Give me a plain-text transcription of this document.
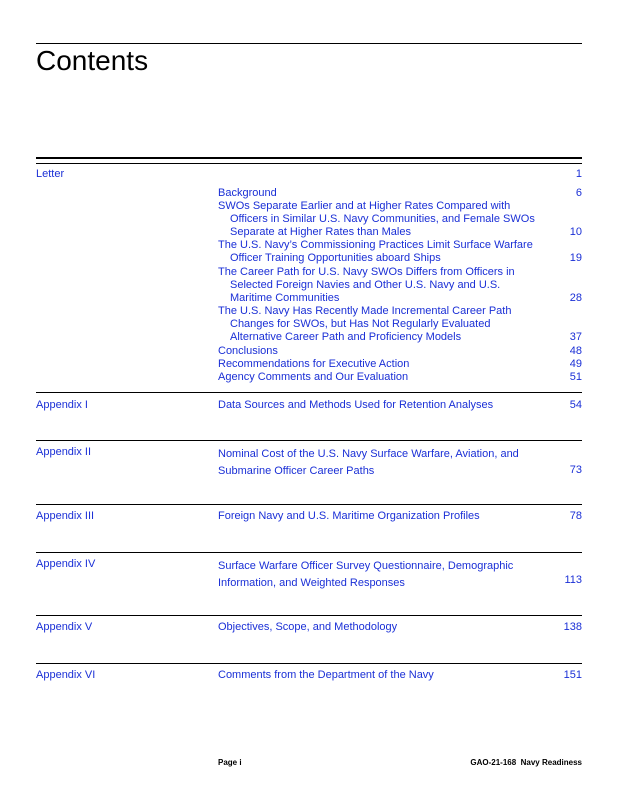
Contents
Letter	1
Background	6
SWOs Separate Earlier and at Higher Rates Compared with
Officers in Similar U.S. Navy Communities, and Female SWOs
Separate at Higher Rates than Males	10
The U.S. Navy’s Commissioning Practices Limit Surface Warfare
Officer Training Opportunities aboard Ships	19
The Career Path for U.S. Navy SWOs Differs from Officers in
Selected Foreign Navies and Other U.S. Navy and U.S.
Maritime Communities	28
The U.S. Navy Has Recently Made Incremental Career Path
Changes for SWOs, but Has Not Regularly Evaluated
Alternative Career Path and Proficiency Models	37
Conclusions	48
Recommendations for Executive Action	49
Agency Comments and Our Evaluation	51
Appendix I	Data Sources and Methods Used for Retention Analyses	54
Appendix II	Nominal Cost of the U.S. Navy Surface Warfare, Aviation, and
Submarine Officer Career Paths	73
Appendix III	Foreign Navy and U.S. Maritime Organization Profiles	78
Appendix IV	Surface Warfare Officer Survey Questionnaire, Demographic
Information, and Weighted Responses	113
Appendix V	Objectives, Scope, and Methodology	138
Appendix VI	Comments from the Department of the Navy	151
Page i	GAO-21-168  Navy Readiness
